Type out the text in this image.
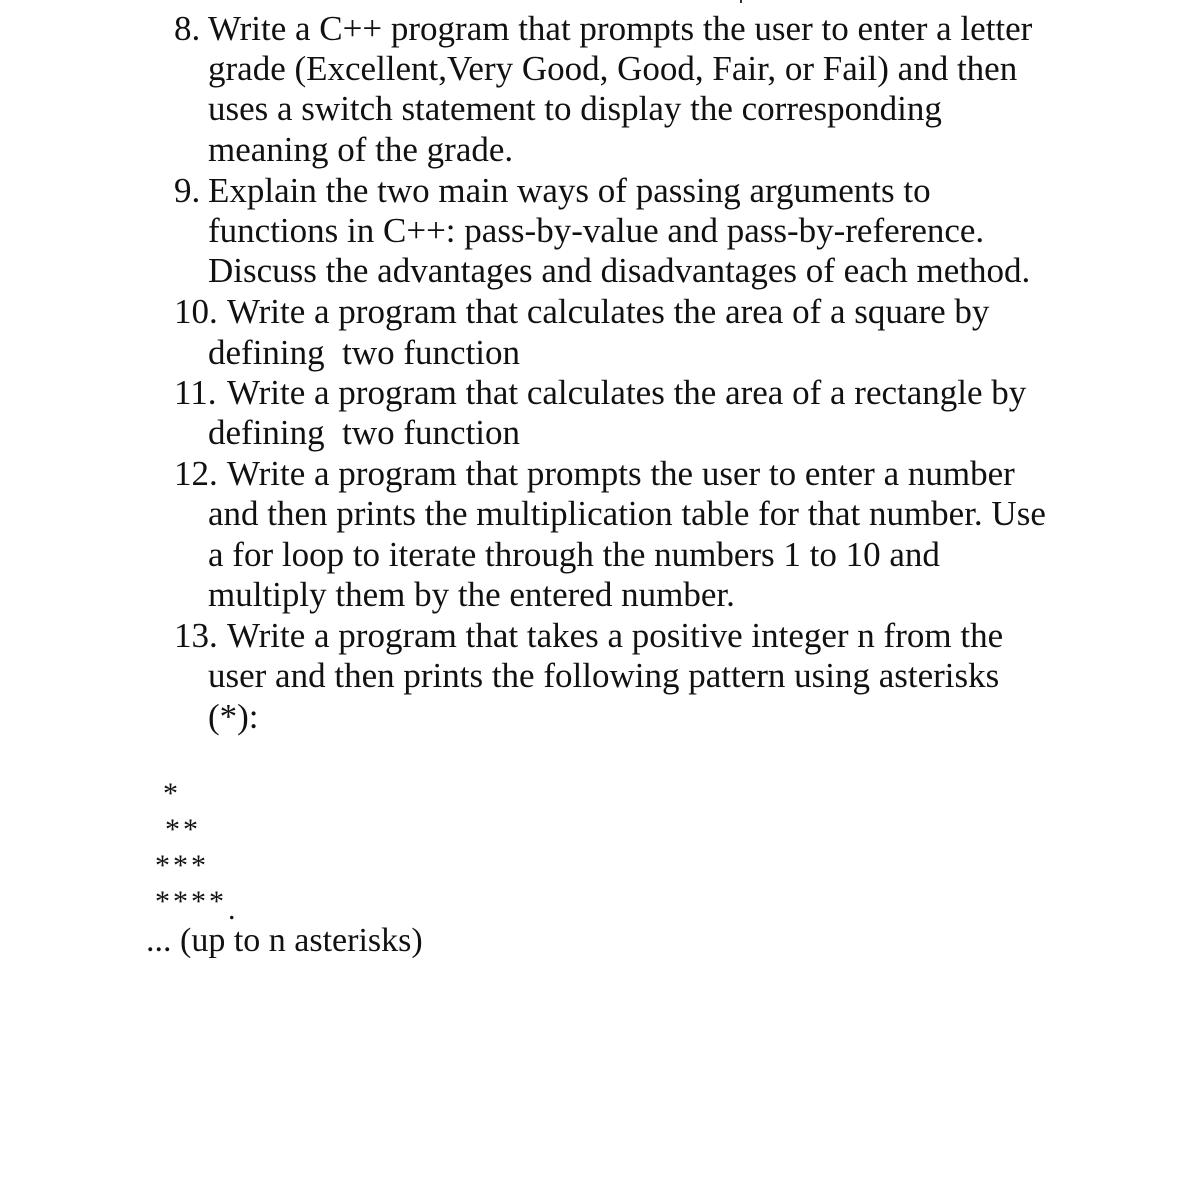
8. Write a C++ program that prompts the user to enter a letter
grade (Excellent,Very Good, Good, Fair, or Fail) and then
uses a switch statement to display the corresponding
meaning of the grade.
9. Explain the two main ways of passing arguments to
functions in C++: pass-by-value and pass-by-reference.
Discuss the advantages and disadvantages of each method.
10. Write a program that calculates the area of a square by
defining  two function
11. Write a program that calculates the area of a rectangle by
defining  two function
12. Write a program that prompts the user to enter a number
and then prints the multiplication table for that number. Use
a for loop to iterate through the numbers 1 to 10 and
multiply them by the entered number.
13. Write a program that takes a positive integer n from the
user and then prints the following pattern using asterisks
(*):
*
**
***
**** .
... (up to n asterisks)
